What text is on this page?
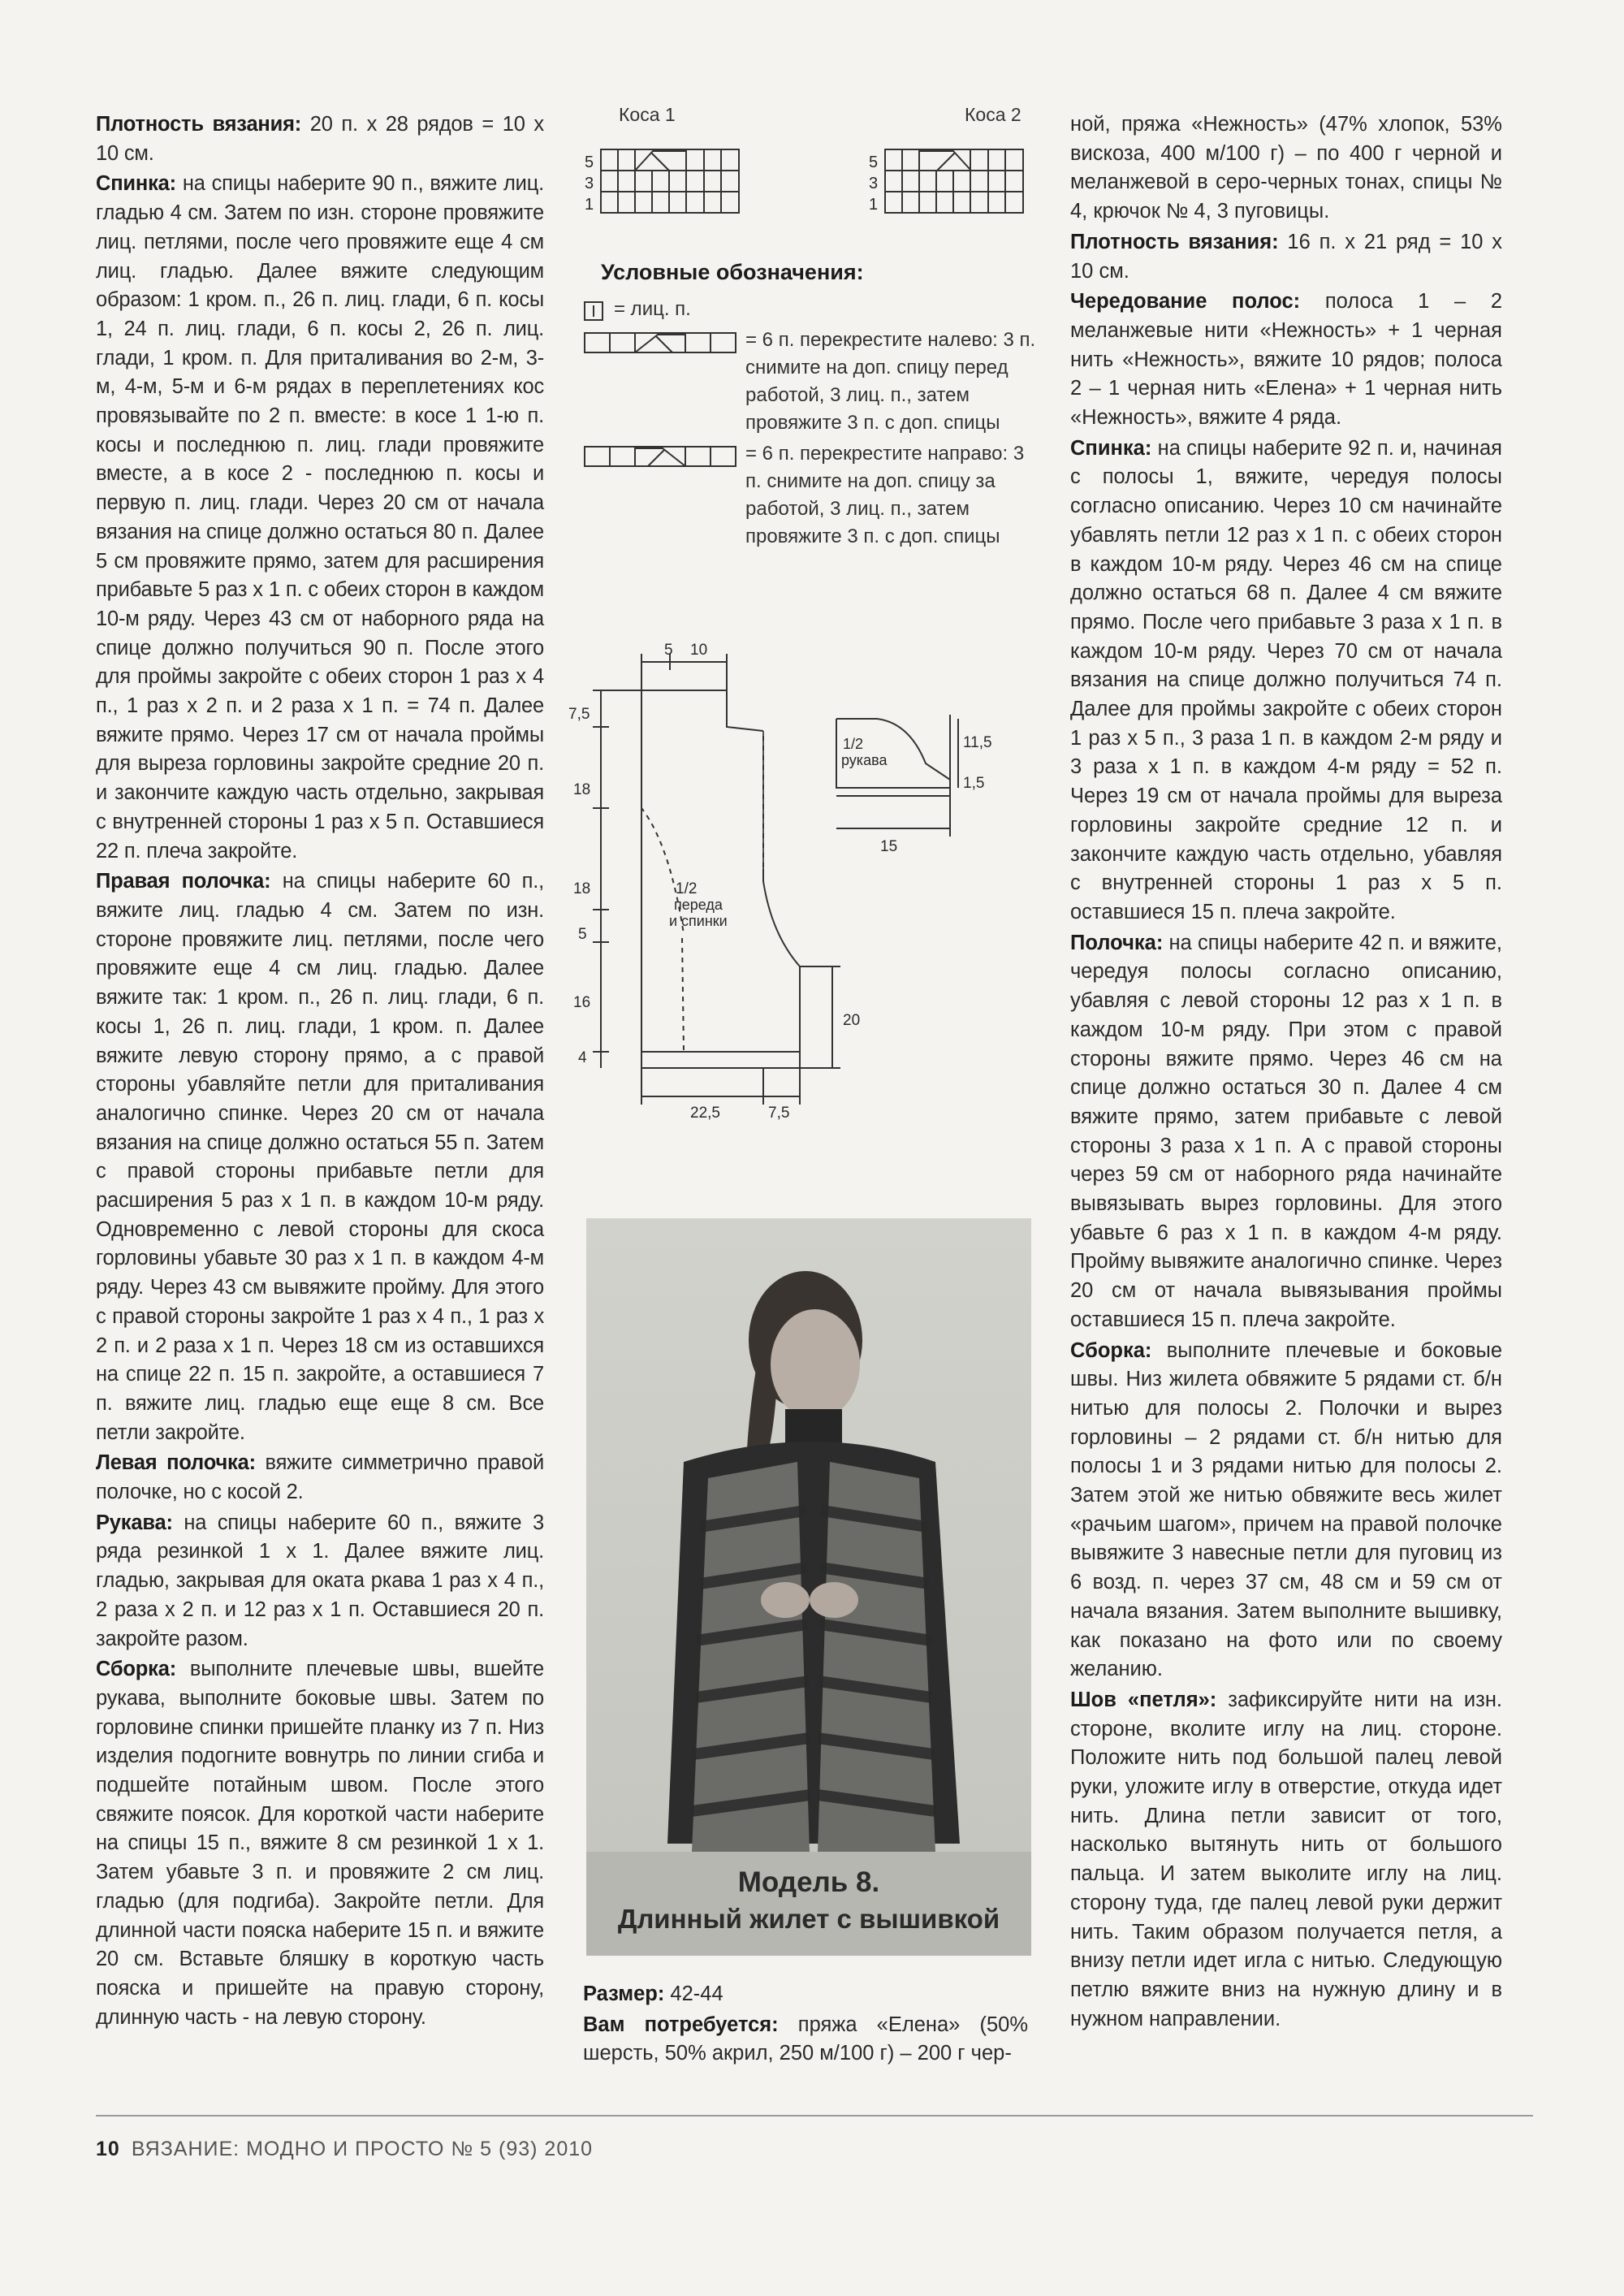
Плотность вязания: 20 п. х 28 рядов = 10 х 10 см.

Спинка: на спицы наберите 90 п., вяжите лиц. гладью 4 см. Затем по изн. стороне провяжите лиц. петлями, после чего провяжите еще 4 см лиц. гладью. Далее вяжите следующим образом: 1 кром. п., 26 п. лиц. глади, 6 п. косы 1, 24 п. лиц. глади, 6 п. косы 2, 26 п. лиц. глади, 1 кром. п. Для приталивания во 2-м, 3-м, 4-м, 5-м и 6-м рядах в переплетениях кос провязывайте по 2 п. вместе: в косе 1 1-ю п. косы и последнюю п. лиц. глади провяжите вместе, а в косе 2 - последнюю п. косы и первую п. лиц. глади. Через 20 см от начала вязания на спице должно остаться 80 п. Далее 5 см провяжите прямо, затем для расширения прибавьте 5 раз х 1 п. с обеих сторон в каждом 10-м ряду. Через 43 см от наборного ряда на спице должно получиться 90 п. После этого для проймы закройте с обеих сторон 1 раз х 4 п., 1 раз х 2 п. и 2 раза х 1 п. = 74 п. Далее вяжите прямо. Через 17 см от начала проймы для выреза горловины закройте средние 20 п. и закончите каждую часть отдельно, закрывая с внутренней стороны 1 раз х 5 п. Оставшиеся 22 п. плеча закройте.

Правая полочка: на спицы наберите 60 п., вяжите лиц. гладью 4 см. Затем по изн. стороне провяжите лиц. петлями, после чего провяжите еще 4 см лиц. гладью. Далее вяжите так: 1 кром. п., 26 п. лиц. глади, 6 п. косы 1, 26 п. лиц. глади, 1 кром. п. Далее вяжите левую сторону прямо, а с правой стороны убавляйте петли для приталивания аналогично спинке. Через 20 см от начала вязания на спице должно остаться 55 п. Затем с правой стороны прибавьте петли для расширения 5 раз х 1 п. в каждом 10-м ряду. Одновременно с левой стороны для скоса горловины убавьте 30 раз х 1 п. в каждом 4-м ряду. Через 43 см вывяжите пройму. Для этого с правой стороны закройте 1 раз х 4 п., 1 раз х 2 п. и 2 раза х 1 п. Через 18 см из оставшихся на спице 22 п. 15 п. закройте, а оставшиеся 7 п. вяжите лиц. гладью еще еще 8 см. Все петли закройте.

Левая полочка: вяжите симметрично правой полочке, но с косой 2.

Рукава: на спицы наберите 60 п., вяжите 3 ряда резинкой 1 х 1. Далее вяжите лиц. гладью, закрывая для оката ркава 1 раз х 4 п., 2 раза х 2 п. и 12 раз х 1 п. Оставшиеся 20 п. закройте разом.

Сборка: выполните плечевые швы, вшейте рукава, выполните боковые швы. Затем по горловине спинки пришейте планку из 7 п. Низ изделия подогните вовнутрь по линии сгиба и подшейте потайным швом. После этого свяжите поясок. Для короткой части наберите на спицы 15 п., вяжите 8 см резинкой 1 х 1. Затем убавьте 3 п. и провяжите 2 см лиц. гладью (для подгиба). Закройте петли. Для длинной части пояска наберите 15 п. и вяжите 20 см. Вставьте бляшку в короткую часть пояска и пришейте на правую сторону, длинную часть - на левую сторону.

Коса 1	Коса 2
5
3
1
5
3
1
Условные обозначения:
= лиц. п.
= 6 п. перекрестите налево: 3 п. снимите на доп. спицу перед работой, 3 лиц. п., затем провяжите 3 п. с доп. спицы
= 6 п. перекрестите направо: 3 п. снимите на доп. спицу за работой, 3 лиц. п., затем провяжите 3 п. с доп. спицы
5 10
7,5
18
18
5
16
4
20
22,5	7,5
1/2
переда
и спинки
1/2
рукава
11,5
1,5
15
Модель 8.
Длинный жилет с вышивкой

Размер: 42-44

Вам потребуется: пряжа «Елена» (50% шерсть, 50% акрил, 250 м/100 г) – 200 г чер-

ной, пряжа «Нежность» (47% хлопок, 53% вискоза, 400 м/100 г) – по 400 г черной и меланжевой в серо-черных тонах, спицы № 4, крючок № 4, 3 пуговицы.

Плотность вязания: 16 п. х 21 ряд = 10 х 10 см.

Чередование полос: полоса 1 – 2 меланжевые нити «Нежность» + 1 черная нить «Нежность», вяжите 10 рядов; полоса 2 – 1 черная нить «Елена» + 1 черная нить «Нежность», вяжите 4 ряда.

Спинка: на спицы наберите 92 п. и, начиная с полосы 1, вяжите, чередуя полосы согласно описанию. Через 10 см начинайте убавлять петли 12 раз х 1 п. с обеих сторон в каждом 10-м ряду. Через 46 см на спице должно остаться 68 п. Далее 4 см вяжите прямо. После чего прибавьте 3 раза х 1 п. в каждом 10-м ряду. Через 70 см от начала вязания на спице должно получиться 74 п. Далее для проймы закройте с обеих сторон 1 раз х 5 п., 3 раза 1 п. в каждом 2-м ряду и 3 раза х 1 п. в каждом 4-м ряду = 52 п. Через 19 см от начала проймы для выреза горловины закройте средние 12 п. и закончите каждую часть отдельно, убавляя с внутренней стороны 1 раз х 5 п. оставшиеся 15 п. плеча закройте.

Полочка: на спицы наберите 42 п. и вяжите, чередуя полосы согласно описанию, убавляя с левой стороны 12 раз х 1 п. в каждом 10-м ряду. При этом с правой стороны вяжите прямо. Через 46 см на спице должно остаться 30 п. Далее 4 см вяжите прямо, затем прибавьте с левой стороны 3 раза х 1 п. А с правой стороны через 59 см от наборного ряда начинайте вывязывать вырез горловины. Для этого убавьте 6 раз х 1 п. в каждом 4-м ряду. Пройму вывяжите аналогично спинке. Через 20 см от начала вывязывания проймы оставшиеся 15 п. плеча закройте.

Сборка: выполните плечевые и боковые швы. Низ жилета обвяжите 5 рядами ст. б/н нитью для полосы 2. Полочки и вырез горловины – 2 рядами ст. б/н нитью для полосы 1 и 3 рядами нитью для полосы 2. Затем этой же нитью обвяжите весь жилет «рачьим шагом», причем на правой полочке вывяжите 3 навесные петли для пуговиц из 6 возд. п. через 37 см, 48 см и 59 см от начала вязания. Затем выполните вышивку, как показано на фото или по своему желанию.

Шов «петля»: зафиксируйте нити на изн. стороне, вколите иглу на лиц. стороне. Положите нить под большой палец левой руки, уложите иглу в отверстие, откуда идет нить. Длина петли зависит от того, насколько вытянуть нить от большого пальца. И затем выколите иглу на лиц. сторону туда, где палец левой руки держит нить. Таким образом получается петля, а внизу петли идет игла с нитью. Следующую петлю вяжите вниз на нужную длину и в нужном направлении.

10 ВЯЗАНИЕ: МОДНО И ПРОСТО № 5 (93) 2010
